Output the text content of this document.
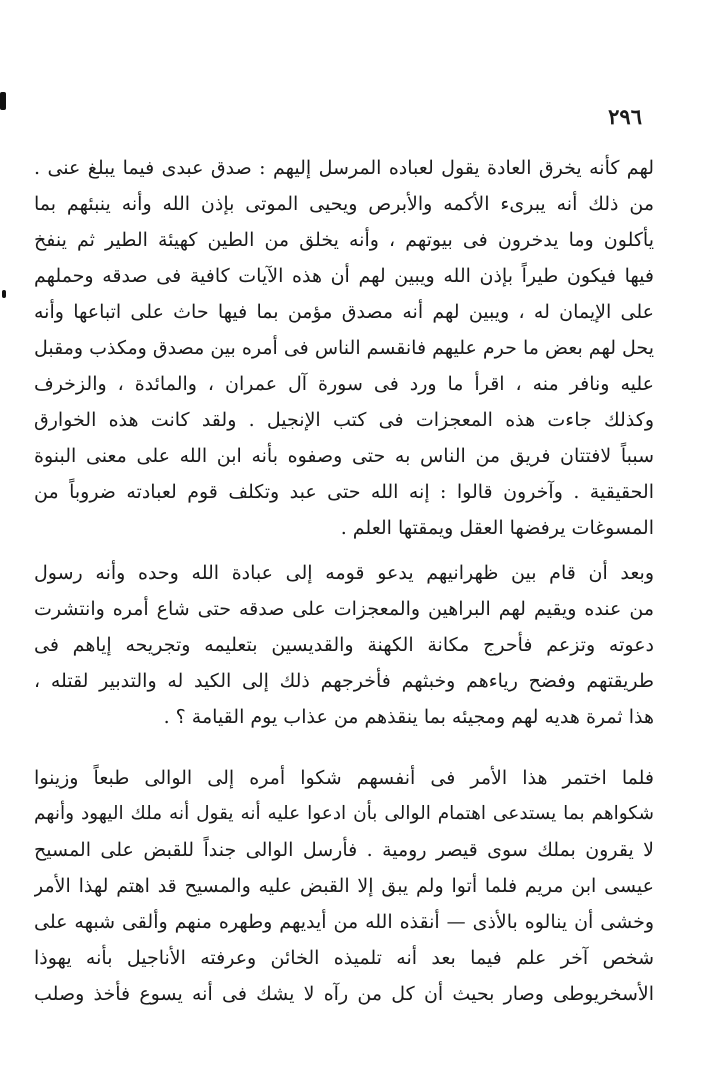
٢٩٦
لهم كأنه يخرق العادة يقول لعباده المرسل إليهم : صدق عبدى فيما يبلغ عنى .
من ذلك أنه يبرىء الأكمه والأبرص ويحيى الموتى بإذن الله وأنه ينبئهم بما
يأكلون وما يدخرون فى بيوتهم ، وأنه يخلق من الطين كهيئة الطير ثم ينفخ
فيها فيكون طيراً بإذن الله ويبين لهم أن هذه الآيات كافية فى صدقه وحملهم
على الإيمان له ، ويبين لهم أنه مصدق مؤمن بما فيها حاث على اتباعها وأنه
يحل لهم بعض ما حرم عليهم فانقسم الناس فى أمره بين مصدق ومكذب ومقبل
عليه ونافر منه ، اقرأ ما ورد فى سورة آل عمران ، والمائدة ، والزخرف
وكذلك جاءت هذه المعجزات فى كتب الإنجيل . ولقد كانت هذه الخوارق
سبباً لافتتان فريق من الناس به حتى وصفوه بأنه ابن الله على معنى البنوة
الحقيقية . وآخرون قالوا : إنه الله حتى عبد وتكلف قوم لعبادته ضروباً من
المسوغات يرفضها العقل ويمقتها العلم .
وبعد أن قام بين ظهرانيهم يدعو قومه إلى عبادة الله وحده وأنه رسول
من عنده ويقيم لهم البراهين والمعجزات على صدقه حتى شاع أمره وانتشرت
دعوته وتزعم فأحرج مكانة الكهنة والقديسين بتعليمه وتجريحه إياهم فى
طريقتهم وفضح رياءهم وخبثهم فأخرجهم ذلك إلى الكيد له والتدبير لقتله ،
هذا ثمرة هديه لهم ومجيئه بما ينقذهم من عذاب يوم القيامة ؟ .
فلما اختمر هذا الأمر فى أنفسهم شكوا أمره إلى الوالى طبعاً وزينوا
شكواهم بما يستدعى اهتمام الوالى بأن ادعوا عليه أنه يقول أنه ملك اليهود وأنهم
لا يقرون بملك سوى قيصر رومية . فأرسل الوالى جنداً للقبض على المسيح
عيسى ابن مريم فلما أتوا ولم يبق إلا القبض عليه والمسيح قد اهتم لهذا الأمر
وخشى أن ينالوه بالأذى — أنقذه الله من أيديهم وطهره منهم وألقى شبهه على
شخص آخر علم فيما بعد أنه تلميذه الخائن وعرفته الأناجيل بأنه يهوذا
الأسخريوطى وصار بحيث أن كل من رآه لا يشك فى أنه يسوع فأخذ وصلب
